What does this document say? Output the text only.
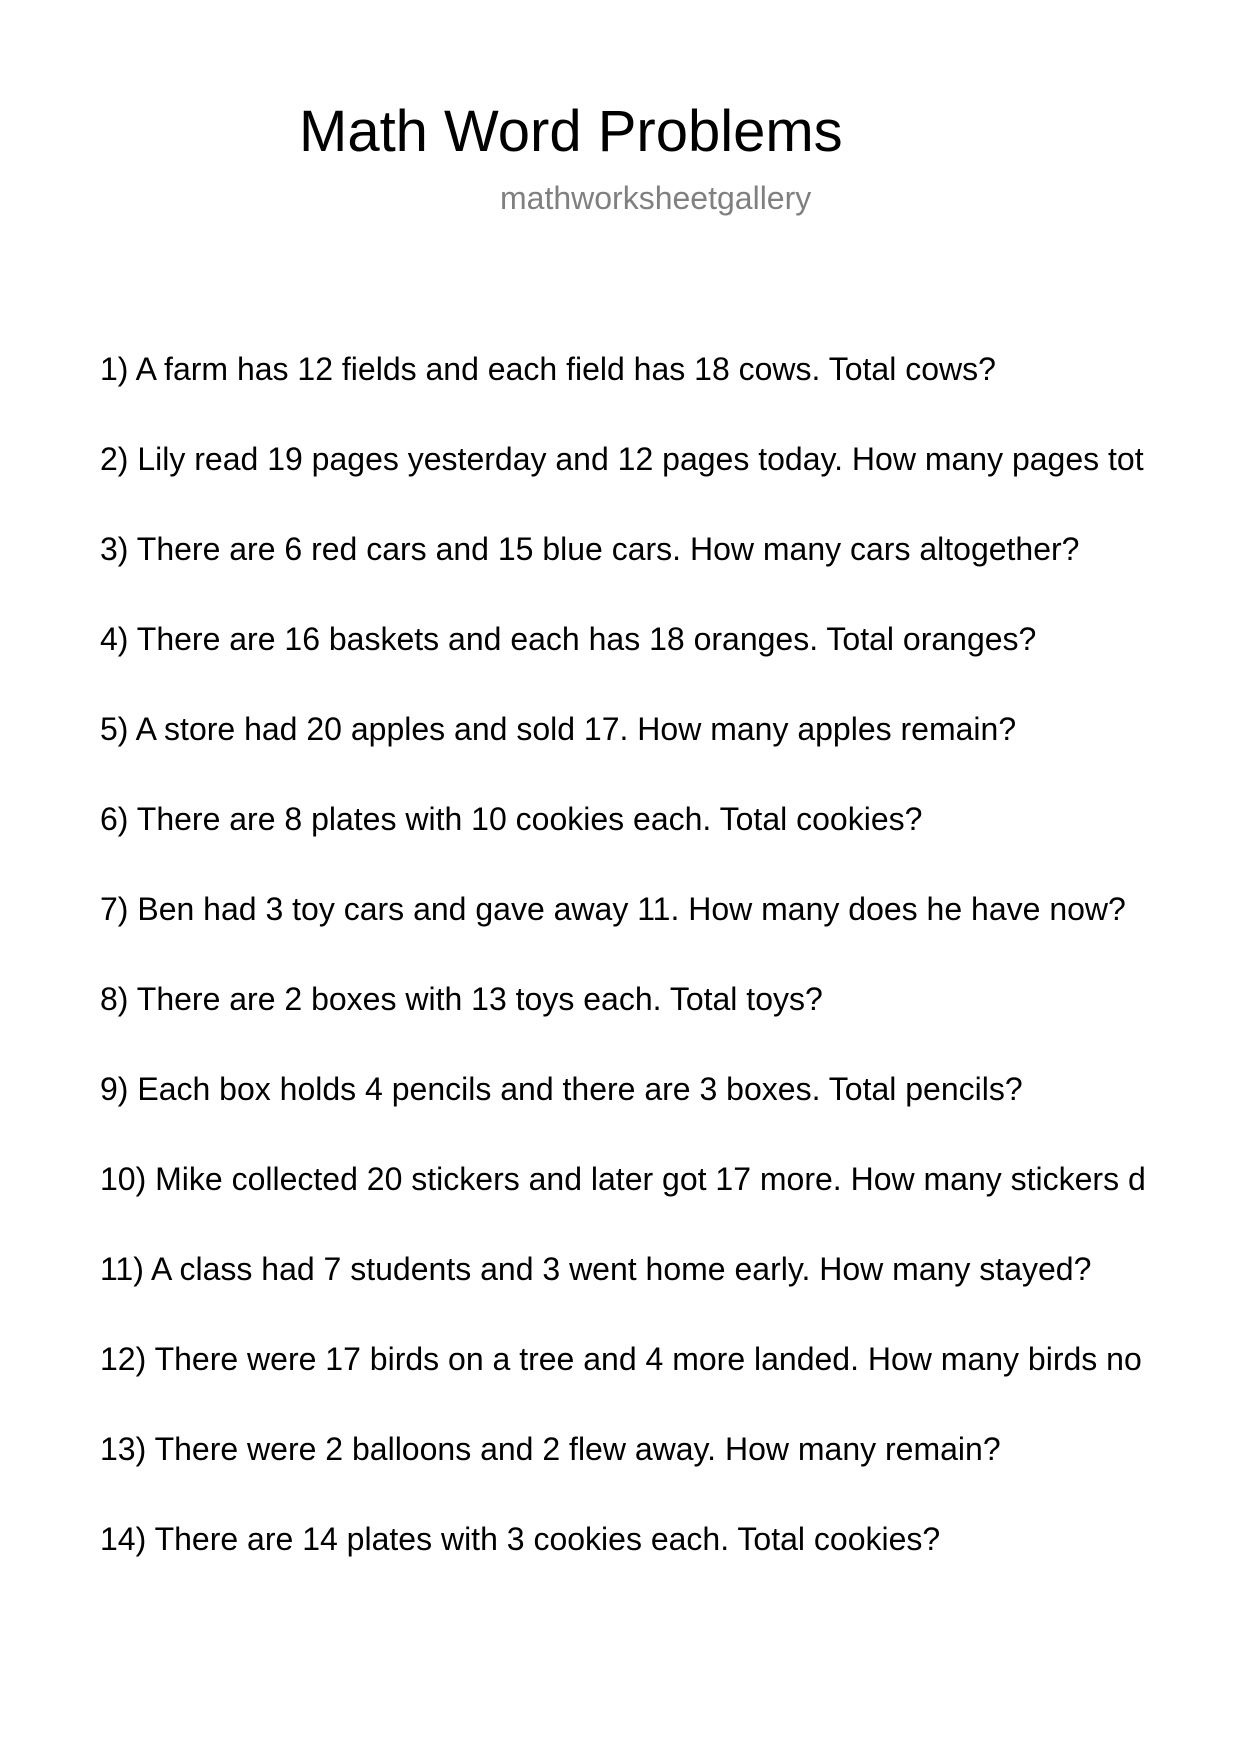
Math Word Problems
mathworksheetgallery
1) A farm has 12 fields and each field has 18 cows. Total cows?
2) Lily read 19 pages yesterday and 12 pages today. How many pages tot
3) There are 6 red cars and 15 blue cars. How many cars altogether?
4) There are 16 baskets and each has 18 oranges. Total oranges?
5) A store had 20 apples and sold 17. How many apples remain?
6) There are 8 plates with 10 cookies each. Total cookies?
7) Ben had 3 toy cars and gave away 11. How many does he have now?
8) There are 2 boxes with 13 toys each. Total toys?
9) Each box holds 4 pencils and there are 3 boxes. Total pencils?
10) Mike collected 20 stickers and later got 17 more. How many stickers d
11) A class had 7 students and 3 went home early. How many stayed?
12) There were 17 birds on a tree and 4 more landed. How many birds no
13) There were 2 balloons and 2 flew away. How many remain?
14) There are 14 plates with 3 cookies each. Total cookies?
